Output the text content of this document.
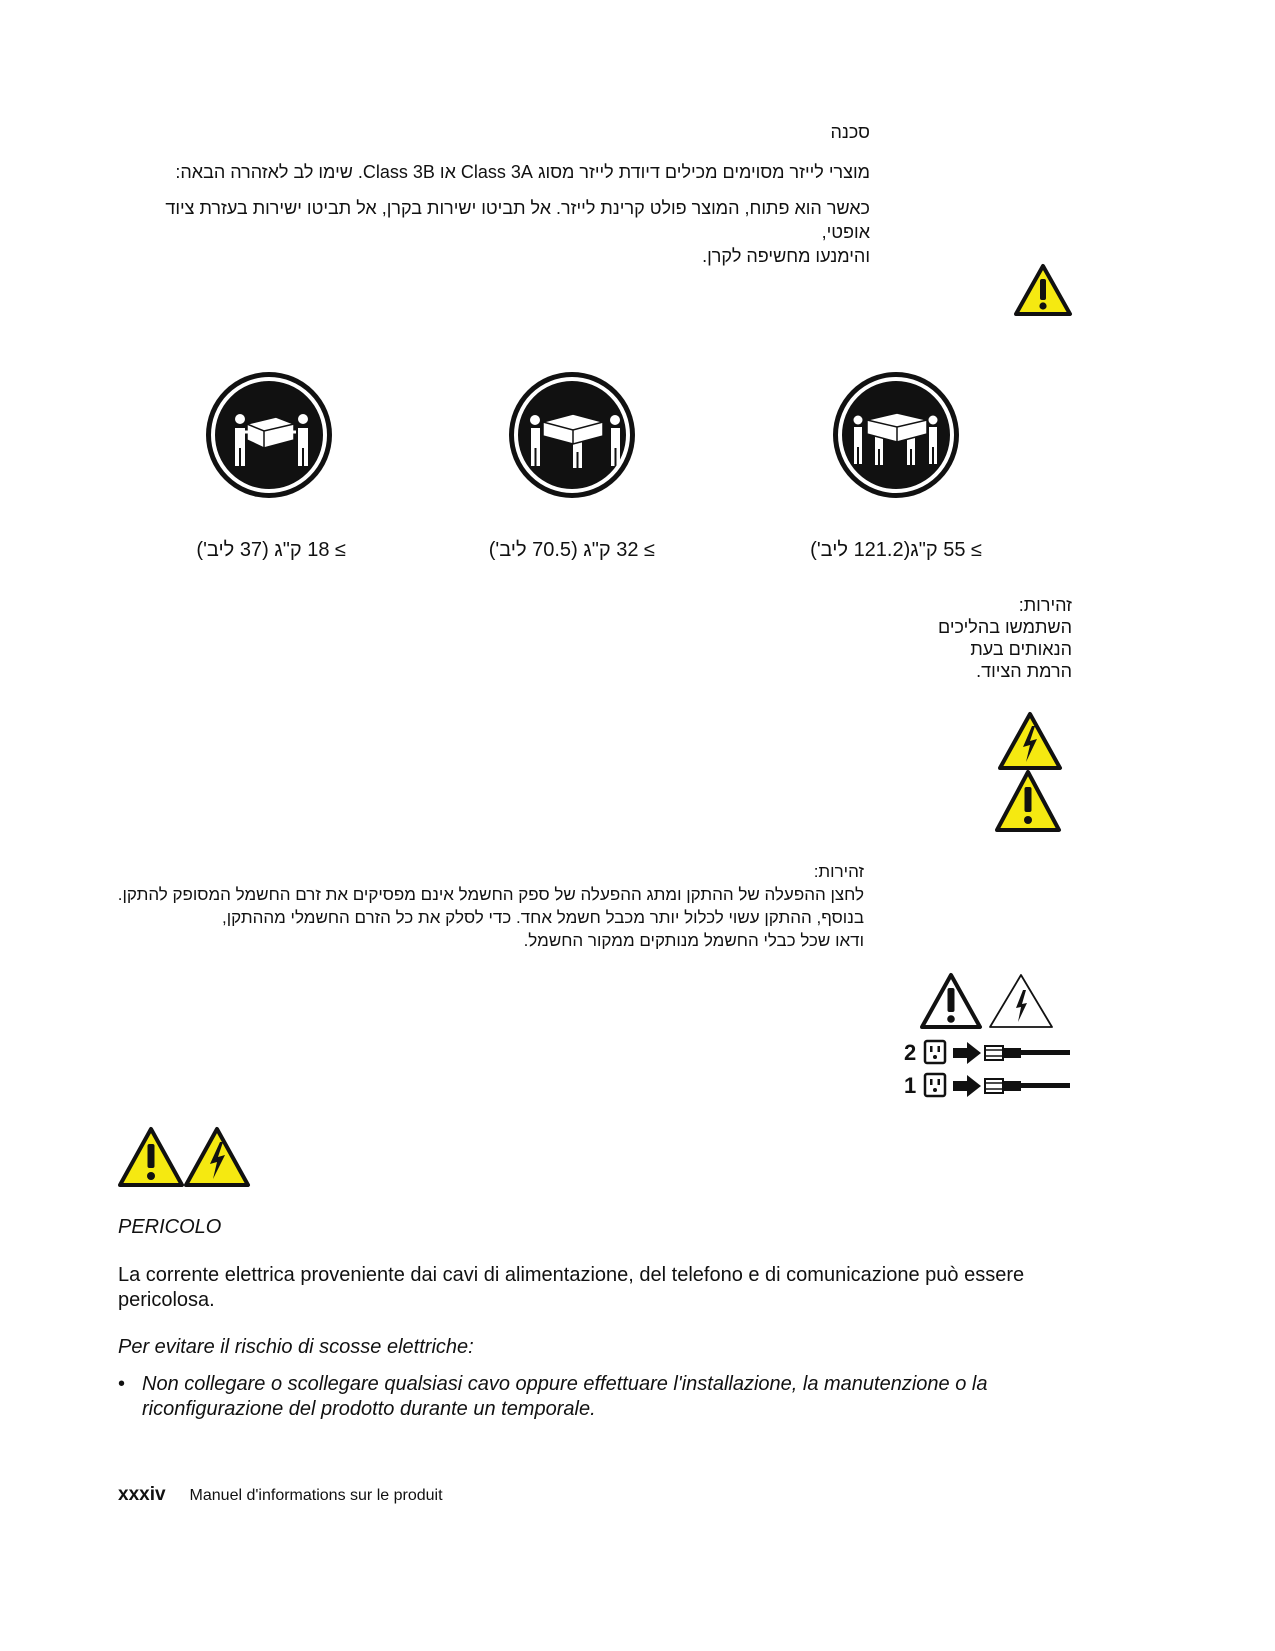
סכנה

מוצרי לייזר מסוימים מכילים דיודת לייזר מסוג Class 3A או Class 3B. שימו לב לאזהרה הבאה:

כאשר הוא פתוח, המוצר פולט קרינת לייזר. אל תביטו ישירות בקרן, אל תביטו ישירות בעזרת ציוד אופטי,

והימנעו מחשיפה לקרן.

≥ 18 ק"ג (37 ליב')	≥ 32 ק"ג (70.5 ליב')	≥ 55 ק"ג(121.2 ליב')

זהירות:

השתמשו בהליכים

הנאותים בעת

הרמת הציוד.

זהירות:

לחצן ההפעלה של ההתקן ומתג ההפעלה של ספק החשמל אינם מפסיקים את זרם החשמל המסופק להתקן.

בנוסף, ההתקן עשוי לכלול יותר מכבל חשמל אחד. כדי לסלק את כל הזרם החשמלי מההתקן,

ודאו שכל כבלי החשמל מנותקים ממקור החשמל.

2
1
PERICOLO
La corrente elettrica proveniente dai cavi di alimentazione, del telefono e di comunicazione può essere pericolosa.
Per evitare il rischio di scosse elettriche:
• Non collegare o scollegare qualsiasi cavo oppure effettuare l'installazione, la manutenzione o la riconfigurazione del prodotto durante un temporale.
xxxiv Manuel d'informations sur le produit
